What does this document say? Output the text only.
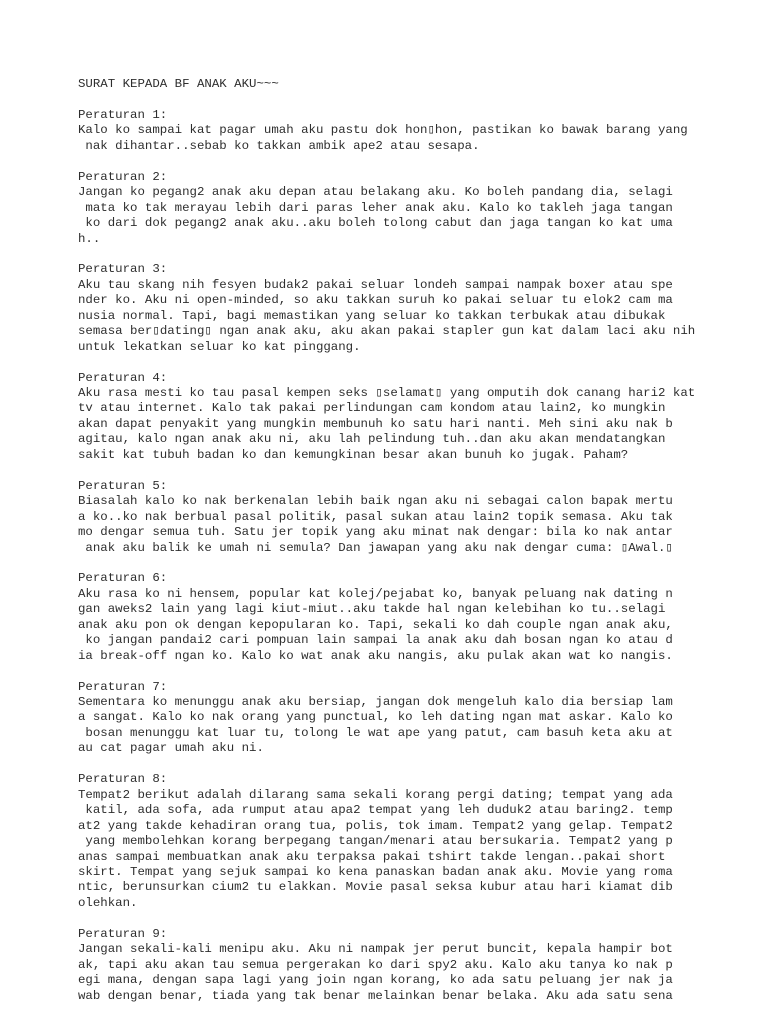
SURAT KEPADA BF ANAK AKU~~~
Peraturan 1:
Kalo ko sampai kat pagar umah aku pastu dok hon▯hon, pastikan ko bawak barang yang
nak dihantar..sebab ko takkan ambik ape2 atau sesapa.
Peraturan 2:
Jangan ko pegang2 anak aku depan atau belakang aku. Ko boleh pandang dia, selagi
mata ko tak merayau lebih dari paras leher anak aku. Kalo ko takleh jaga tangan
ko dari dok pegang2 anak aku..aku boleh tolong cabut dan jaga tangan ko kat uma
h..
Peraturan 3:
Aku tau skang nih fesyen budak2 pakai seluar londeh sampai nampak boxer atau spe
nder ko. Aku ni open-minded, so aku takkan suruh ko pakai seluar tu elok2 cam ma
nusia normal. Tapi, bagi memastikan yang seluar ko takkan terbukak atau dibukak
semasa ber▯dating▯ ngan anak aku, aku akan pakai stapler gun kat dalam laci aku nih
untuk lekatkan seluar ko kat pinggang.
Peraturan 4:
Aku rasa mesti ko tau pasal kempen seks ▯selamat▯ yang omputih dok canang hari2 kat
tv atau internet. Kalo tak pakai perlindungan cam kondom atau lain2, ko mungkin
akan dapat penyakit yang mungkin membunuh ko satu hari nanti. Meh sini aku nak b
agitau, kalo ngan anak aku ni, aku lah pelindung tuh..dan aku akan mendatangkan
sakit kat tubuh badan ko dan kemungkinan besar akan bunuh ko jugak. Paham?
Peraturan 5:
Biasalah kalo ko nak berkenalan lebih baik ngan aku ni sebagai calon bapak mertu
a ko..ko nak berbual pasal politik, pasal sukan atau lain2 topik semasa. Aku tak
mo dengar semua tuh. Satu jer topik yang aku minat nak dengar: bila ko nak antar
anak aku balik ke umah ni semula? Dan jawapan yang aku nak dengar cuma: ▯Awal.▯
Peraturan 6:
Aku rasa ko ni hensem, popular kat kolej/pejabat ko, banyak peluang nak dating n
gan aweks2 lain yang lagi kiut-miut..aku takde hal ngan kelebihan ko tu..selagi
anak aku pon ok dengan kepopularan ko. Tapi, sekali ko dah couple ngan anak aku,
ko jangan pandai2 cari pompuan lain sampai la anak aku dah bosan ngan ko atau d
ia break-off ngan ko. Kalo ko wat anak aku nangis, aku pulak akan wat ko nangis.
Peraturan 7:
Sementara ko menunggu anak aku bersiap, jangan dok mengeluh kalo dia bersiap lam
a sangat. Kalo ko nak orang yang punctual, ko leh dating ngan mat askar. Kalo ko
bosan menunggu kat luar tu, tolong le wat ape yang patut, cam basuh keta aku at
au cat pagar umah aku ni.
Peraturan 8:
Tempat2 berikut adalah dilarang sama sekali korang pergi dating; tempat yang ada
katil, ada sofa, ada rumput atau apa2 tempat yang leh duduk2 atau baring2. temp
at2 yang takde kehadiran orang tua, polis, tok imam. Tempat2 yang gelap. Tempat2
yang membolehkan korang berpegang tangan/menari atau bersukaria. Tempat2 yang p
anas sampai membuatkan anak aku terpaksa pakai tshirt takde lengan..pakai short
skirt. Tempat yang sejuk sampai ko kena panaskan badan anak aku. Movie yang roma
ntic, berunsurkan cium2 tu elakkan. Movie pasal seksa kubur atau hari kiamat dib
olehkan.
Peraturan 9:
Jangan sekali-kali menipu aku. Aku ni nampak jer perut buncit, kepala hampir bot
ak, tapi aku akan tau semua pergerakan ko dari spy2 aku. Kalo aku tanya ko nak p
egi mana, dengan sapa lagi yang join ngan korang, ko ada satu peluang jer nak ja
wab dengan benar, tiada yang tak benar melainkan benar belaka. Aku ada satu sena
